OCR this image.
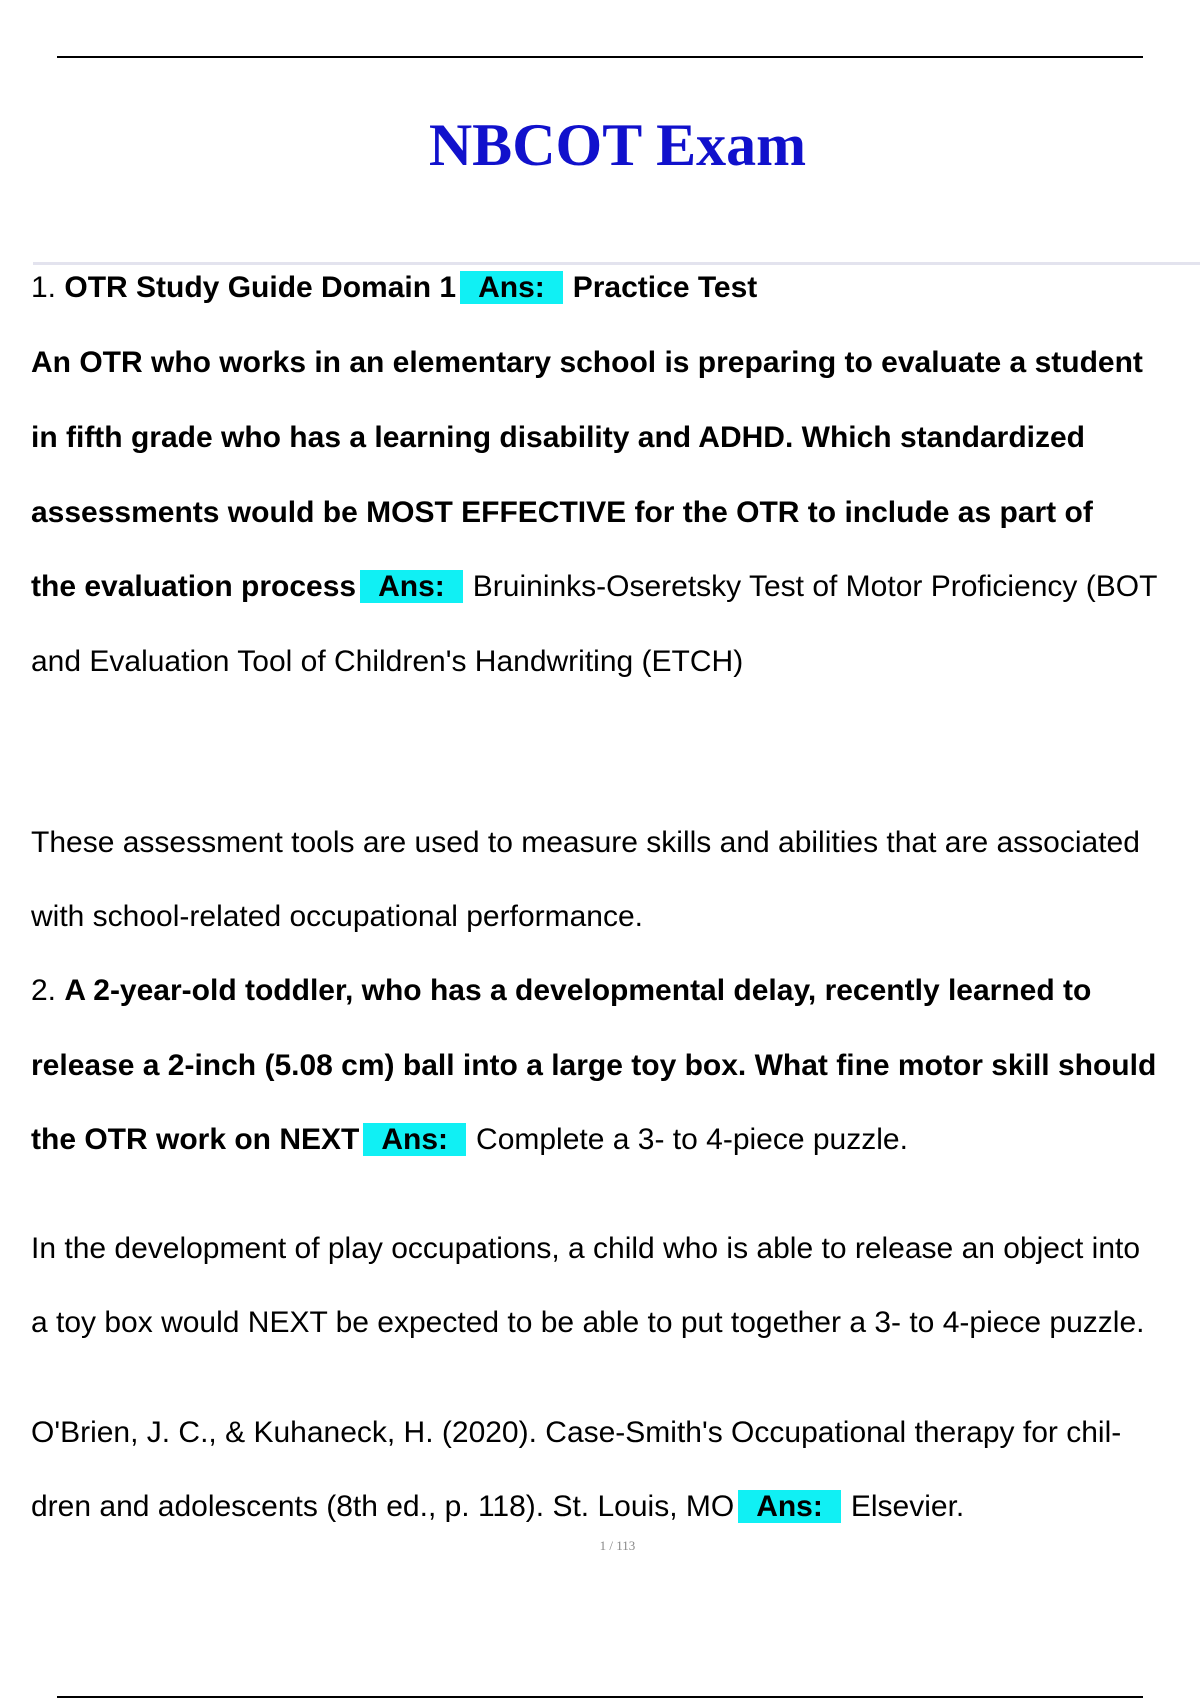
NBCOT Exam
1. OTR Study Guide Domain 1 Ans: Practice Test
An OTR who works in an elementary school is preparing to evaluate a student
in fifth grade who has a learning disability and ADHD. Which standardized
assessments would be MOST EFFECTIVE for the OTR to include as part of
the evaluation process Ans: Bruininks-Oseretsky Test of Motor Proficiency (BOT
and Evaluation Tool of Children's Handwriting (ETCH)
These assessment tools are used to measure skills and abilities that are associated
with school-related occupational performance.
2. A 2-year-old toddler, who has a developmental delay, recently learned to
release a 2-inch (5.08 cm) ball into a large toy box. What fine motor skill should
the OTR work on NEXT Ans: Complete a 3- to 4-piece puzzle.
In the development of play occupations, a child who is able to release an object into
a toy box would NEXT be expected to be able to put together a 3- to 4-piece puzzle.
O'Brien, J. C., & Kuhaneck, H. (2020). Case-Smith's Occupational therapy for chil-
dren and adolescents (8th ed., p. 118). St. Louis, MO Ans: Elsevier.
1 / 113
